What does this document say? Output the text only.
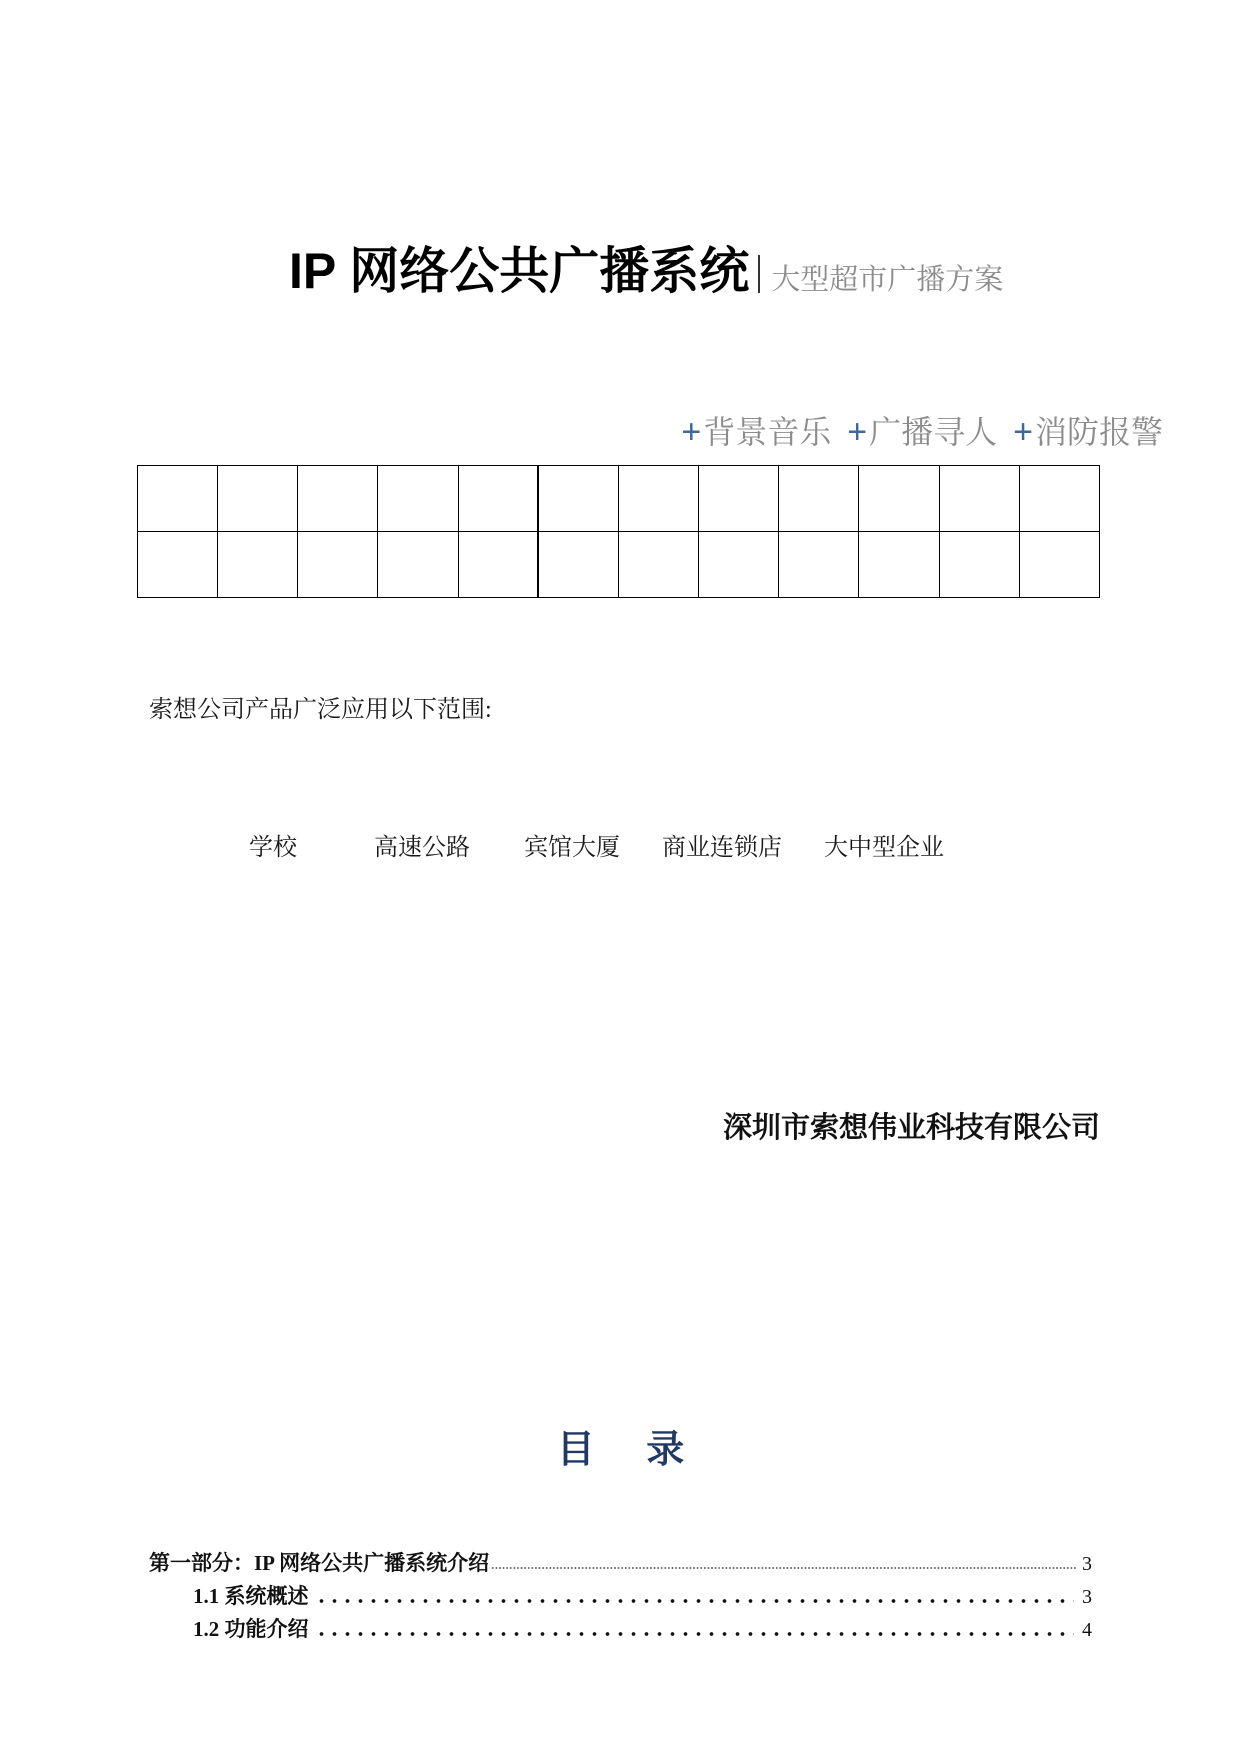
IP 网络公共广播系统 大型超市广播方案
+ 背景音乐 + 广播寻人 + 消防报警

索想公司产品广泛应用以下范围:
学校	高速公路 宾馆大厦 商业连锁店 大中型企业
深圳市索想伟业科技有限公司
目 录
第一部分：IP 网络公共广播系统介绍	3
1.1 系统概述	3
1.2 功能介绍	4
